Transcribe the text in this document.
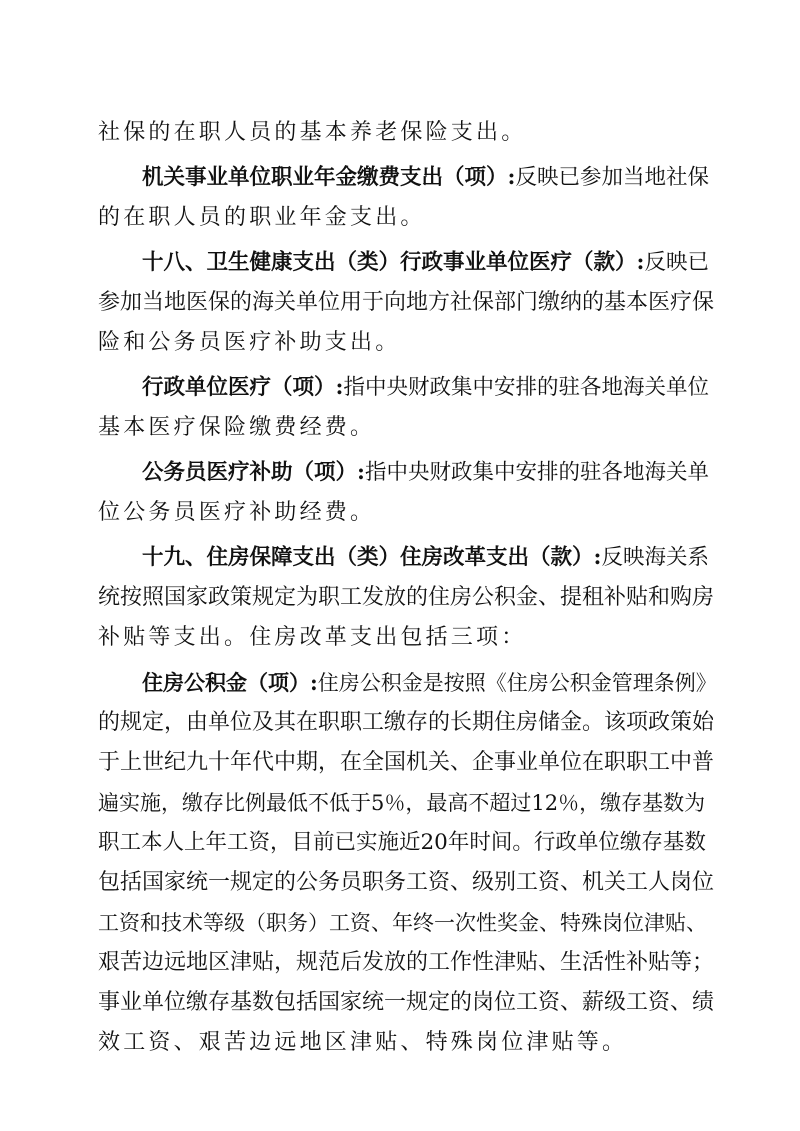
社保的在职人员的基本养老保险支出。
机关事业单位职业年金缴费支出（项）:反映已参加当地社保
的在职人员的职业年金支出。
十八、卫生健康支出（类）行政事业单位医疗（款）:反映已
参加当地医保的海关单位用于向地方社保部门缴纳的基本医疗保
险和公务员医疗补助支出。
行政单位医疗（项）:指中央财政集中安排的驻各地海关单位
基本医疗保险缴费经费。
公务员医疗补助（项）:指中央财政集中安排的驻各地海关单
位公务员医疗补助经费。
十九、住房保障支出（类）住房改革支出（款）:反映海关系
统按照国家政策规定为职工发放的住房公积金、提租补贴和购房
补贴等支出。住房改革支出包括三项：
住房公积金（项）:住房公积金是按照《住房公积金管理条例》
的规定，由单位及其在职职工缴存的长期住房储金。该项政策始
于上世纪九十年代中期，在全国机关、企事业单位在职职工中普
遍实施，缴存比例最低不低于5％，最高不超过12％，缴存基数为
职工本人上年工资，目前已实施近20年时间。行政单位缴存基数
包括国家统一规定的公务员职务工资、级别工资、机关工人岗位
工资和技术等级（职务）工资、年终一次性奖金、特殊岗位津贴、
艰苦边远地区津贴，规范后发放的工作性津贴、生活性补贴等；
事业单位缴存基数包括国家统一规定的岗位工资、薪级工资、绩
效工资、艰苦边远地区津贴、特殊岗位津贴等。
